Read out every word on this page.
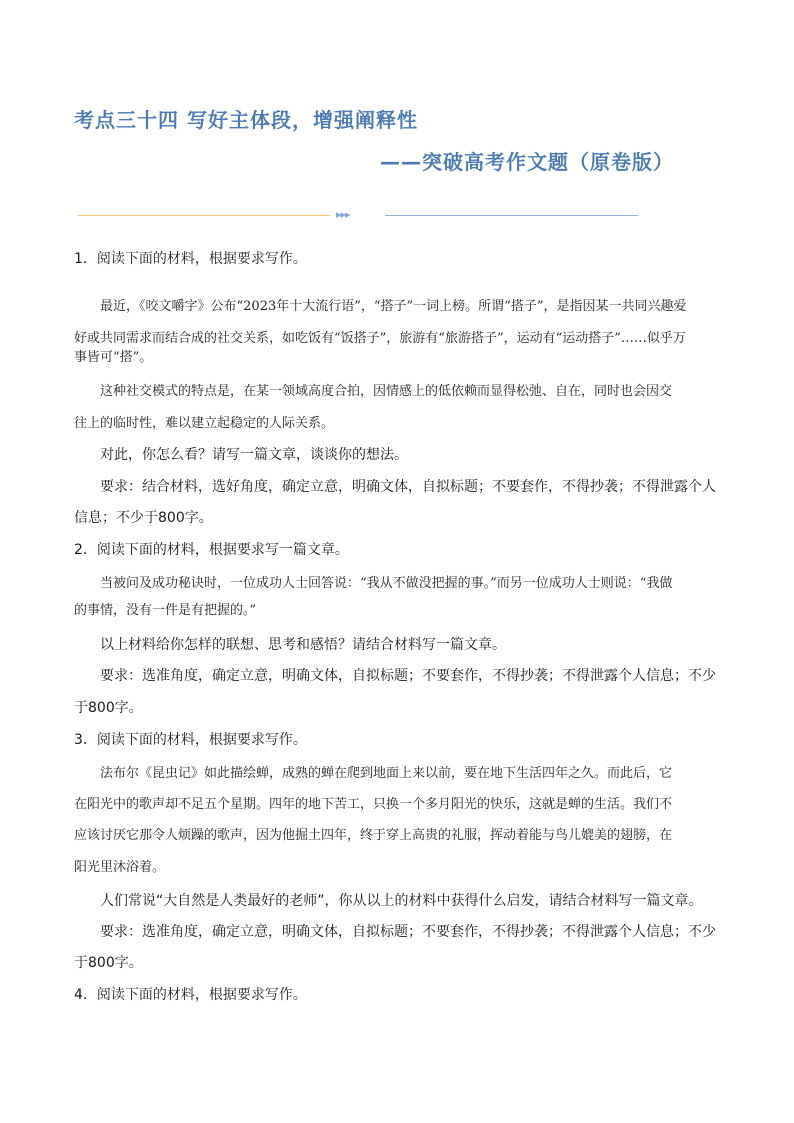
考点三十四 写好主体段，增强阐释性
——突破高考作文题（原卷版）
▸▸▸
1．阅读下面的材料，根据要求写作。
最近，《咬文嚼字》公布“2023年十大流行语”，“搭子”一词上榜。所谓“搭子”，是指因某一共同兴趣爱
好或共同需求而结合成的社交关系，如吃饭有“饭搭子”，旅游有“旅游搭子”，运动有“运动搭子”……似乎万
事皆可“搭”。
这种社交模式的特点是，在某一领域高度合拍，因情感上的低依赖而显得松弛、自在，同时也会因交
往上的临时性，难以建立起稳定的人际关系。
对此，你怎么看？请写一篇文章，谈谈你的想法。
要求：结合材料，选好角度，确定立意，明确文体，自拟标题；不要套作，不得抄袭；不得泄露个人
信息；不少于800字。
2．阅读下面的材料，根据要求写一篇文章。
当被问及成功秘诀时，一位成功人士回答说：“我从不做没把握的事。”而另一位成功人士则说：“我做
的事情，没有一件是有把握的。”
以上材料给你怎样的联想、思考和感悟？请结合材料写一篇文章。
要求：选准角度，确定立意，明确文体，自拟标题；不要套作，不得抄袭；不得泄露个人信息；不少
于800字。
3．阅读下面的材料，根据要求写作。
法布尔《昆虫记》如此描绘蝉，成熟的蝉在爬到地面上来以前，要在地下生活四年之久。而此后，它
在阳光中的歌声却不足五个星期。四年的地下苦工，只换一个多月阳光的快乐，这就是蝉的生活。我们不
应该讨厌它那令人烦躁的歌声，因为他掘土四年，终于穿上高贵的礼服，挥动着能与鸟儿媲美的翅膀，在
阳光里沐浴着。
人们常说“大自然是人类最好的老师”，你从以上的材料中获得什么启发，请结合材料写一篇文章。
要求：选准角度，确定立意，明确文体，自拟标题；不要套作，不得抄袭；不得泄露个人信息；不少
于800字。
4．阅读下面的材料，根据要求写作。
